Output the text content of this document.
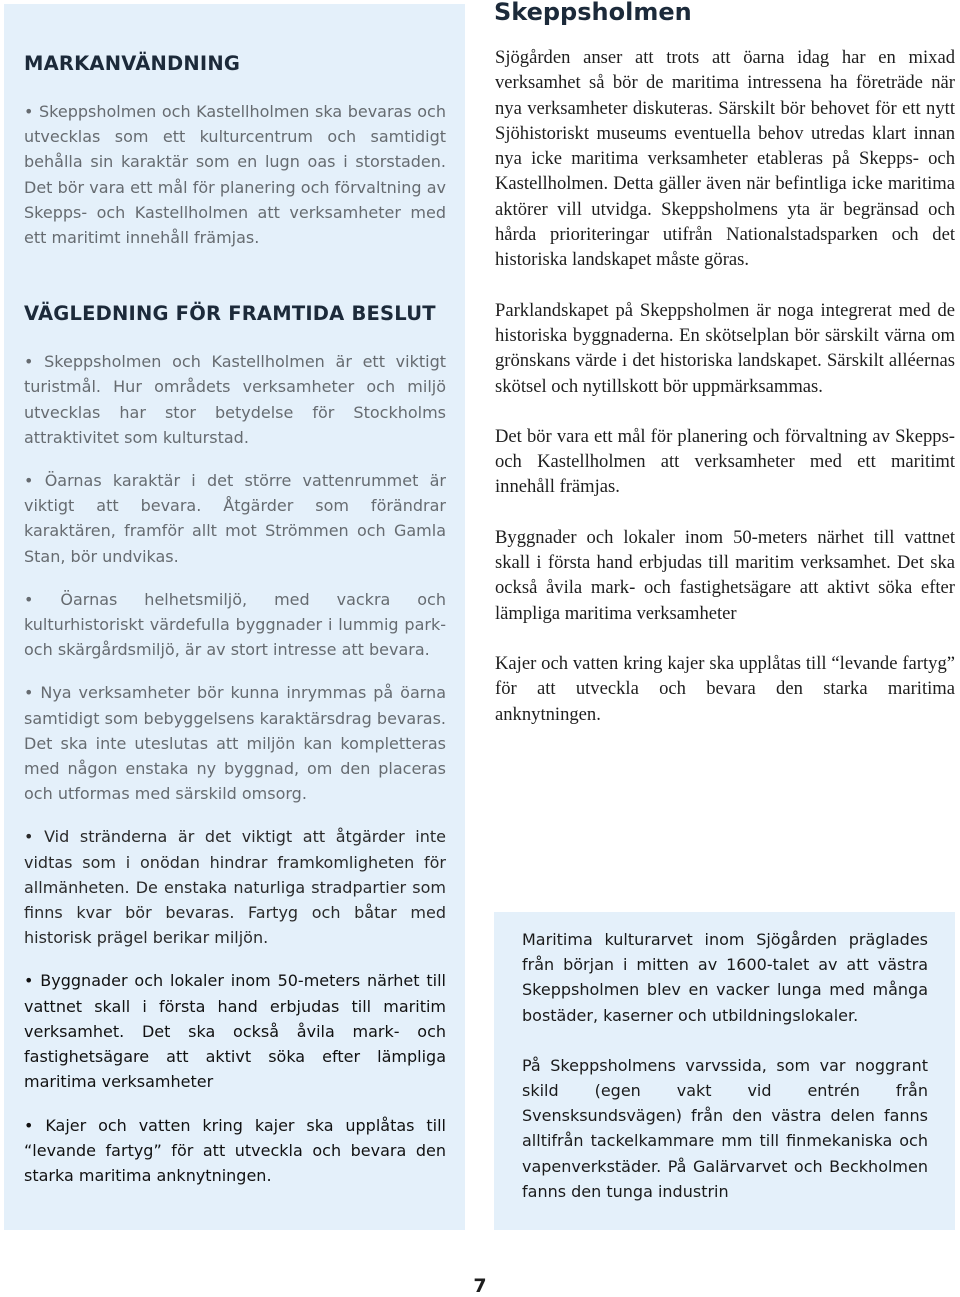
MARKANVÄNDNING

• Skeppsholmen och Kastellholmen ska bevaras och utvecklas som ett kulturcentrum och samtidigt behålla sin karaktär som en lugn oas i storstaden. Det bör vara ett mål för planering och förvaltning av Skepps- och Kastellholmen att verksamheter med ett maritimt innehåll främjas.

VÄGLEDNING FÖR FRAMTIDA BESLUT

• Skeppsholmen och Kastellholmen är ett viktigt turistmål. Hur områdets verksamheter och miljö utvecklas har stor betydelse för Stockholms attraktivitet som kulturstad.

• Öarnas karaktär i det större vattenrummet är viktigt att bevara. Åtgärder som förändrar karaktären, framför allt mot Strömmen och Gamla Stan, bör undvikas.

• Öarnas helhetsmiljö, med vackra och kulturhistoriskt värdefulla byggnader i lummig park- och skärgårdsmiljö, är av stort intresse att bevara.

• Nya verksamheter bör kunna inrymmas på öarna samtidigt som bebyggelsens karaktärsdrag bevaras. Det ska inte uteslutas att miljön kan kompletteras med någon enstaka ny byggnad, om den placeras och utformas med särskild omsorg.

• Vid stränderna är det viktigt att åtgärder inte vidtas som i onödan hindrar framkomligheten för allmänheten. De enstaka naturliga stradpartier som finns kvar bör bevaras. Fartyg och båtar med historisk prägel berikar miljön.

• Byggnader och lokaler inom 50-meters närhet till vattnet skall i första hand erbjudas till maritim verksamhet. Det ska också åvila mark- och fastighetsägare att aktivt söka efter lämpliga maritima verksamheter

• Kajer och vatten kring kajer ska upplåtas till “levande fartyg” för att utveckla och bevara den starka maritima anknytningen.

Skeppsholmen

Sjögården anser att trots att öarna idag har en mixad verksamhet så bör de maritima intressena ha företräde när nya verksamheter diskuteras. Särskilt bör behovet för ett nytt Sjöhistoriskt museums eventuella behov utredas klart innan nya icke maritima verksamheter etableras på Skepps- och Kastellholmen. Detta gäller även när befintliga icke maritima aktörer vill utvidga. Skeppsholmens yta är begränsad och hårda prioriteringar utifrån Nationalstadsparken och det historiska landskapet måste göras.

Parklandskapet på Skeppsholmen är noga integrerat med de historiska byggnaderna. En skötselplan bör särskilt värna om grönskans värde i det historiska landskapet. Särskilt alléernas skötsel och nytillskott bör uppmärksammas.

Det bör vara ett mål för planering och förvaltning av Skepps- och Kastellholmen att verksamheter med ett maritimt innehåll främjas.

Byggnader och lokaler inom 50-meters närhet till vattnet skall i första hand erbjudas till maritim verksamhet. Det ska också åvila mark- och fastighetsägare att aktivt söka efter lämpliga maritima verksamheter

Kajer och vatten kring kajer ska upplåtas till “levande fartyg” för att utveckla och bevara den starka maritima anknytningen.

Maritima kulturarvet inom Sjögården präglades från början i mitten av 1600-talet av att västra Skeppsholmen blev en vacker lunga med många bostäder, kaserner och utbildningslokaler.

På Skeppsholmens varvssida, som var noggrant skild (egen vakt vid entrén från Svensksundsvägen) från den västra delen fanns alltifrån tackelkammare mm till finmekaniska och vapenverkstäder. På Galärvarvet och Beckholmen fanns den tunga industrin

7
